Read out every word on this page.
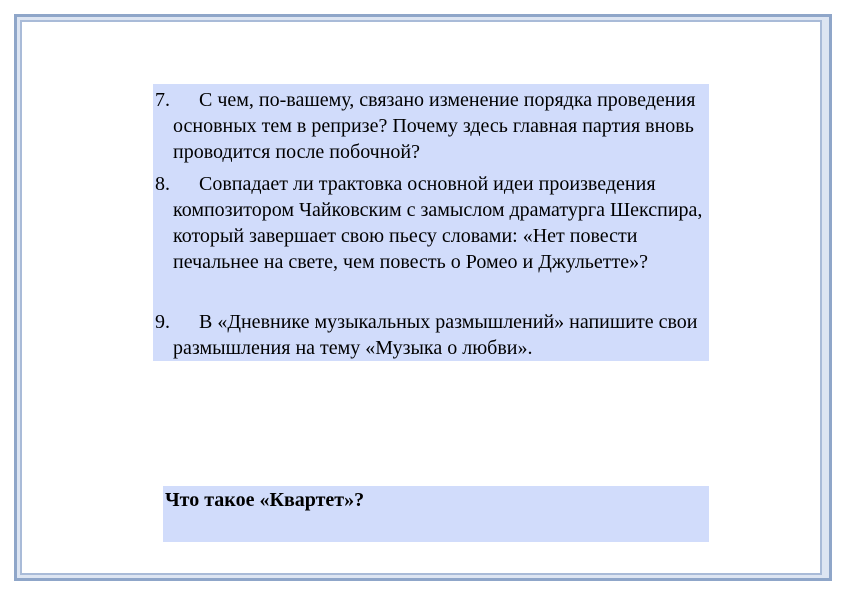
7.	С чем, по-вашему, связано изменение порядка проведения основных тем в репризе? Почему здесь главная партия вновь проводится после побочной?

8.	Совпадает ли трактовка основной идеи произведения композитором Чайковским с замыслом драматурга Шекспира, который завершает свою пьесу словами: «Нет повести печальнее на свете, чем повесть о Ромео и Джульетте»?

9.	В «Дневнике музыкальных размышлений» напишите свои размышления на тему «Музыка о любви».

Что такое «Квартет»?
